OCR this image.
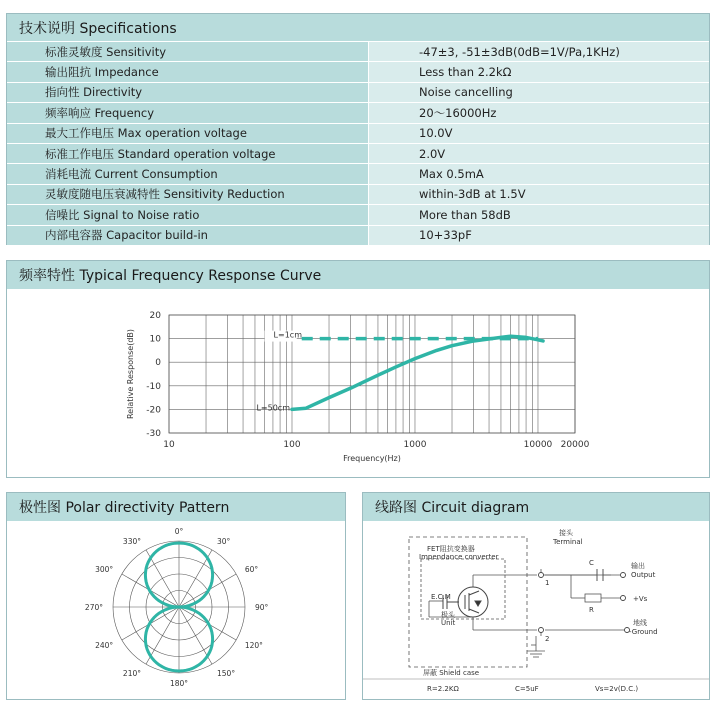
技术说明 Specifications
标准灵敏度 Sensitivity	-47±3, -51±3dB(0dB=1V/Pa,1KHz)
输出阻抗 Impedance	Less than 2.2kΩ
指向性 Directivity	Noise cancelling
频率响应 Frequency	20～16000Hz
最大工作电压 Max operation voltage	10.0V
标准工作电压 Standard operation voltage	2.0V
消耗电流 Current Consumption	Max 0.5mA
灵敏度随电压衰减特性 Sensitivity Reduction	within-3dB at 1.5V
信噪比 Signal to Noise ratio	More than 58dB
内部电容器 Capacitor build-in	10+33pF
频率特性 Typical Frequency Response Curve
20
10
0
-10
-20
-30
10	100	1000	10000 20000
Frequency(Hz)
Relative Response(dB)	L=1cm
L=50cm
极性图 Polar directivity Pattern
0°
30°
60°
90°
120°
150°
180°
210°
240°
270°
300°
330°
线路图 Circuit diagram
FET阻抗变换器
Impendance converter
接头
Terminal
E.C.M
极头
Unit
屏蔽 Shield case
C
R
输出
Output
+Vs
地线
-Ground
1
2
R=2.2KΩ	C=5uF	Vs=2v(D.C.)
